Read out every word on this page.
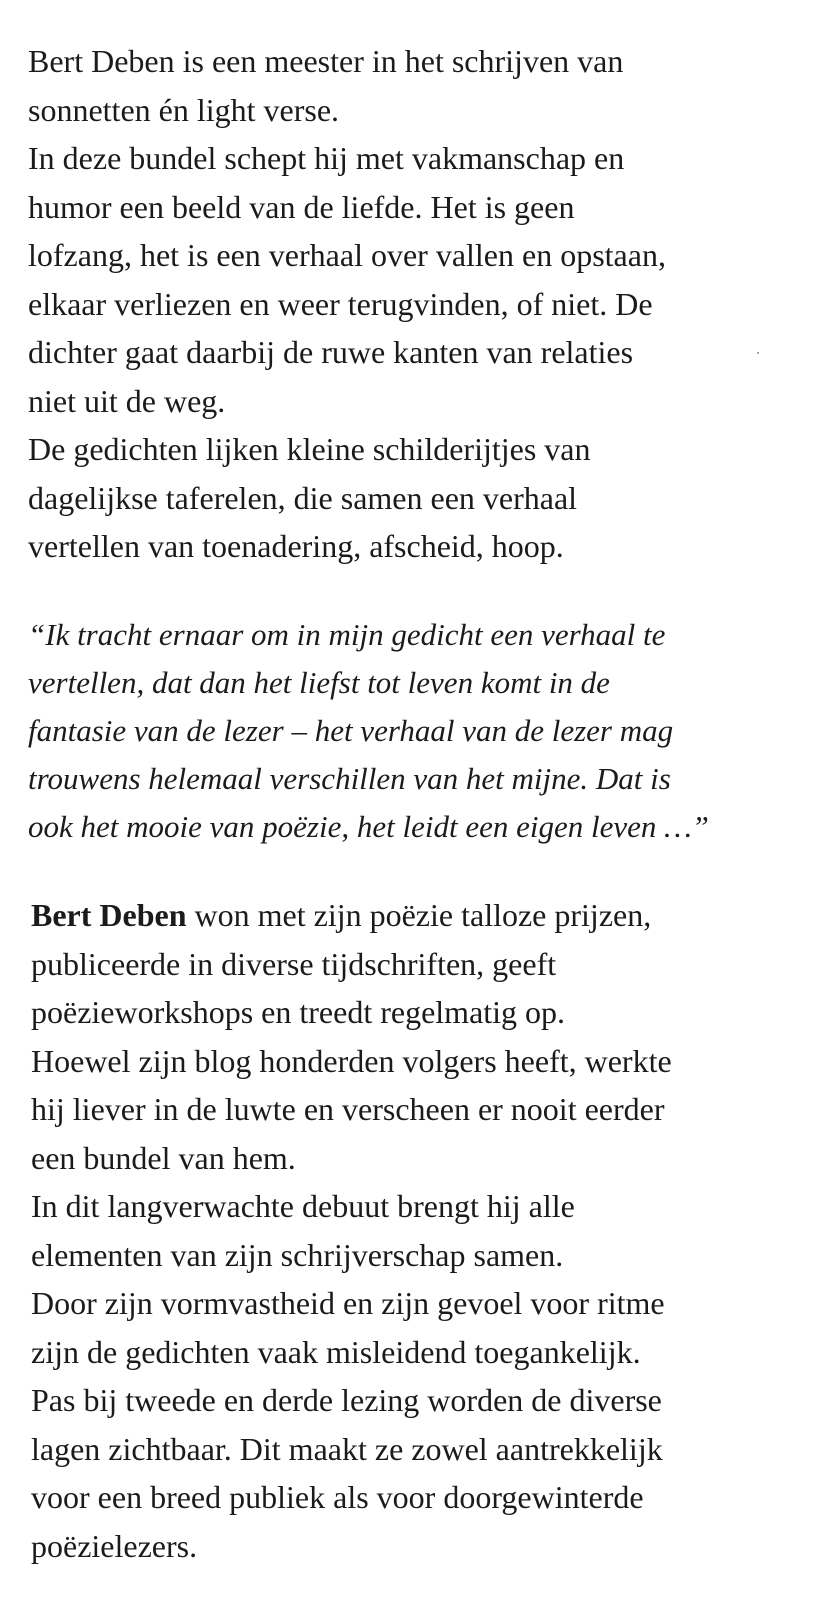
Bert Deben is een meester in het schrijven van
sonnetten én light verse.
In deze bundel schept hij met vakmanschap en
humor een beeld van de liefde. Het is geen
lofzang, het is een verhaal over vallen en opstaan,
elkaar verliezen en weer terugvinden, of niet. De
dichter gaat daarbij de ruwe kanten van relaties
niet uit de weg.
De gedichten lijken kleine schilderijtjes van
dagelijkse taferelen, die samen een verhaal
vertellen van toenadering, afscheid, hoop.

“Ik tracht ernaar om in mijn gedicht een verhaal te
vertellen, dat dan het liefst tot leven komt in de
fantasie van de lezer – het verhaal van de lezer mag
trouwens helemaal verschillen van het mijne. Dat is
ook het mooie van poëzie, het leidt een eigen leven …”

Bert Deben won met zijn poëzie talloze prijzen,
publiceerde in diverse tijdschriften, geeft
poëzieworkshops en treedt regelmatig op.
Hoewel zijn blog honderden volgers heeft, werkte
hij liever in de luwte en verscheen er nooit eerder
een bundel van hem.
In dit langverwachte debuut brengt hij alle
elementen van zijn schrijverschap samen.
Door zijn vormvastheid en zijn gevoel voor ritme
zijn de gedichten vaak misleidend toegankelijk.
Pas bij tweede en derde lezing worden de diverse
lagen zichtbaar. Dit maakt ze zowel aantrekkelijk
voor een breed publiek als voor doorgewinterde
poëzielezers.
